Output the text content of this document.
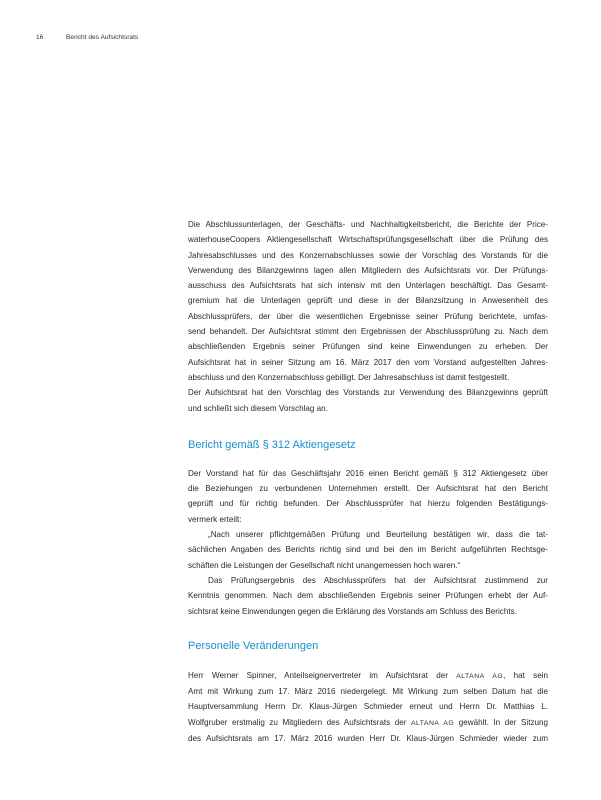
16	Bericht des Aufsichtsrats

Die Abschlussunterlagen, der Geschäfts- und Nachhaltigkeitsbericht, die Berichte der Price-
waterhouseCoopers Aktiengesellschaft Wirtschaftsprüfungsgesellschaft über die Prüfung des
Jahresabschlusses und des Konzernabschlusses sowie der Vorschlag des Vorstands für die
Verwendung des Bilanzgewinns lagen allen Mitgliedern des Aufsichtsrats vor. Der Prüfungs-
ausschuss des Aufsichtsrats hat sich intensiv mit den Unterlagen beschäftigt. Das Gesamt-
gremium hat die Unterlagen geprüft und diese in der Bilanzsitzung in Anwesenheit des
Abschlussprüfers, der über die wesentlichen Ergebnisse seiner Prüfung berichtete, umfas-
send behandelt. Der Aufsichtsrat stimmt den Ergebnissen der Abschlussprüfung zu. Nach dem
abschließenden Ergebnis seiner Prüfungen sind keine Einwendungen zu erheben. Der
Aufsichtsrat hat in seiner Sitzung am 16. März 2017 den vom Vorstand aufgestellten Jahres-
abschluss und den Konzernabschluss gebilligt. Der Jahresabschluss ist damit festgestellt.
Der Aufsichtsrat hat den Vorschlag des Vorstands zur Verwendung des Bilanzgewinns geprüft
und schließt sich diesem Vorschlag an.

Bericht gemäß § 312 Aktiengesetz

Der Vorstand hat für das Geschäftsjahr 2016 einen Bericht gemäß § 312 Aktiengesetz über
die Beziehungen zu verbundenen Unternehmen erstellt. Der Aufsichtsrat hat den Bericht
geprüft und für richtig befunden. Der Abschlussprüfer hat hierzu folgenden Bestätigungs-
vermerk erteilt:
„Nach unserer pflichtgemäßen Prüfung und Beurteilung bestätigen wir, dass die tat-
sächlichen Angaben des Berichts richtig sind und bei den im Bericht aufgeführten Rechtsge-
schäften die Leistungen der Gesellschaft nicht unangemessen hoch waren.“
Das Prüfungsergebnis des Abschlussprüfers hat der Aufsichtsrat zustimmend zur
Kenntnis genommen. Nach dem abschließenden Ergebnis seiner Prüfungen erhebt der Auf-
sichtsrat keine Einwendungen gegen die Erklärung des Vorstands am Schluss des Berichts.

Personelle Veränderungen

Herr Werner Spinner, Anteilseignervertreter im Aufsichtsrat der ALTANA AG, hat sein
Amt mit Wirkung zum 17. März 2016 niedergelegt. Mit Wirkung zum selben Datum hat die
Hauptversammlung Herrn Dr. Klaus-Jürgen Schmieder erneut und Herrn Dr. Matthias L.
Wolfgruber erstmalig zu Mitgliedern des Aufsichtsrats der ALTANA AG gewählt. In der Sitzung
des Aufsichtsrats am 17. März 2016 wurden Herr Dr. Klaus-Jürgen Schmieder wieder zum
